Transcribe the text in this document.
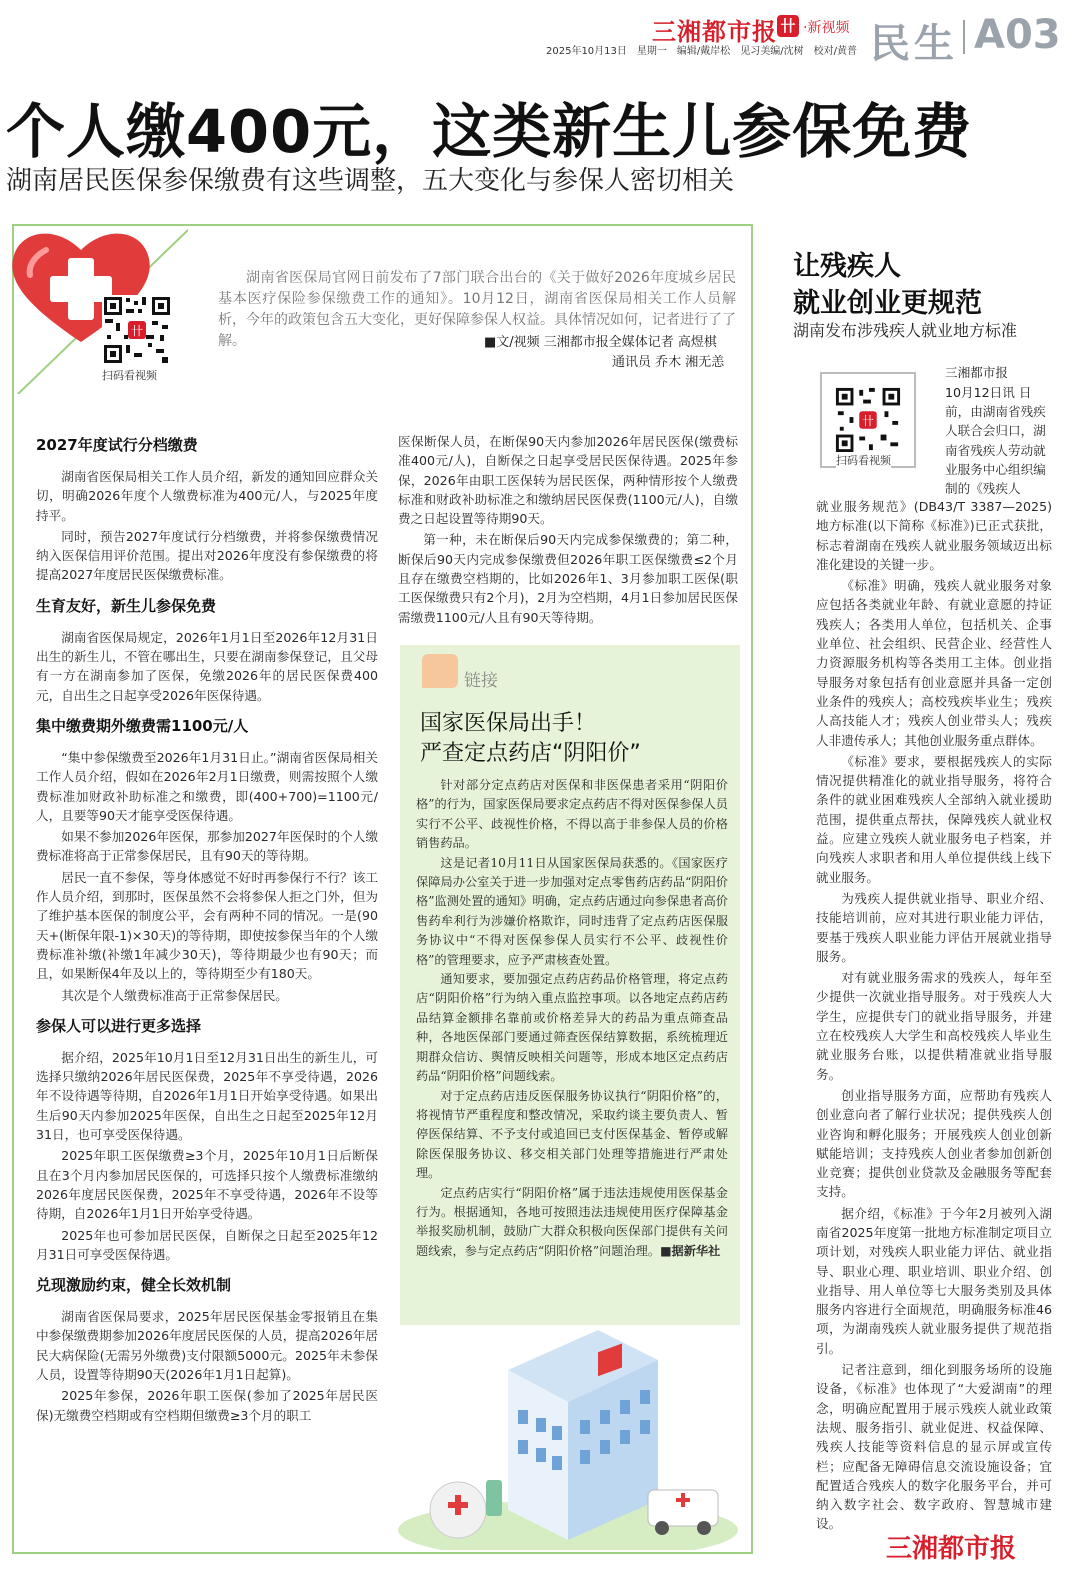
三湘都市报 卄 ·新视频
2025年10月13日　星期一　编辑/戴岸松　见习美编/沈树　校对/黄普 民生 A03
个人缴400元，这类新生儿参保免费
湖南居民医保参保缴费有这些调整，五大变化与参保人密切相关
卄
扫码看视频
湖南省医保局官网日前发布了7部门联合出台的《关于做好2026年度城乡居民基本医疗保险参保缴费工作的通知》。10月12日，湖南省医保局相关工作人员解析，今年的政策包含五大变化，更好保障参保人权益。具体情况如何，记者进行了了解。	■文/视频 三湘都市报全媒体记者 高煜棋
通讯员 乔木 湘无恙
2027年度试行分档缴费

湖南省医保局相关工作人员介绍，新发的通知回应群众关切，明确2026年度个人缴费标准为400元/人，与2025年度持平。

同时，预告2027年度试行分档缴费，并将参保缴费情况纳入医保信用评价范围。提出对2026年度没有参保缴费的将提高2027年度居民医保缴费标准。

生育友好，新生儿参保免费

湖南省医保局规定，2026年1月1日至2026年12月31日出生的新生儿，不管在哪出生，只要在湖南参保登记，且父母有一方在湖南参加了医保，免缴2026年的居民医保费400元，自出生之日起享受2026年医保待遇。

集中缴费期外缴费需1100元/人

“集中参保缴费至2026年1月31日止。”湖南省医保局相关工作人员介绍，假如在2026年2月1日缴费，则需按照个人缴费标准加财政补助标准之和缴费，即(400+700)=1100元/人，且要等90天才能享受医保待遇。

如果不参加2026年医保，那参加2027年医保时的个人缴费标准将高于正常参保居民，且有90天的等待期。

居民一直不参保，等身体感觉不好时再参保行不行？该工作人员介绍，到那时，医保虽然不会将参保人拒之门外，但为了维护基本医保的制度公平，会有两种不同的情况。一是(90天+(断保年限-1)×30天)的等待期，即使按参保当年的个人缴费标准补缴(补缴1年减少30天)，等待期最少也有90天；而且，如果断保4年及以上的，等待期至少有180天。

其次是个人缴费标准高于正常参保居民。

参保人可以进行更多选择

据介绍，2025年10月1日至12月31日出生的新生儿，可选择只缴纳2026年居民医保费，2025年不享受待遇，2026年不设待遇等待期，自2026年1月1日开始享受待遇。如果出生后90天内参加2025年医保，自出生之日起至2025年12月31日，也可享受医保待遇。

2025年职工医保缴费≥3个月，2025年10月1日后断保且在3个月内参加居民医保的，可选择只按个人缴费标准缴纳2026年度居民医保费，2025年不享受待遇，2026年不设等待期，自2026年1月1日开始享受待遇。

2025年也可参加居民医保，自断保之日起至2025年12月31日可享受医保待遇。

兑现激励约束，健全长效机制

湖南省医保局要求，2025年居民医保基金零报销且在集中参保缴费期参加2026年度居民医保的人员，提高2026年居民大病保险(无需另外缴费)支付限额5000元。2025年未参保人员，设置等待期90天(2026年1月1日起算)。

2025年参保，2026年职工医保(参加了2025年居民医保)无缴费空档期或有空档期但缴费≥3个月的职工

医保断保人员，在断保90天内参加2026年居民医保(缴费标准400元/人)，自断保之日起享受居民医保待遇。2025年参保，2026年由职工医保转为居民医保，两种情形按个人缴费标准和财政补助标准之和缴纳居民医保费(1100元/人)，自缴费之日起设置等待期90天。

第一种，未在断保后90天内完成参保缴费的；第二种，断保后90天内完成参保缴费但2026年职工医保缴费≤2个月且存在缴费空档期的，比如2026年1、3月参加职工医保(职工医保缴费只有2个月)，2月为空档期，4月1日参加居民医保需缴费1100元/人且有90天等待期。

链接
国家医保局出手！
严查定点药店“阴阳价”

针对部分定点药店对医保和非医保患者采用“阴阳价格”的行为，国家医保局要求定点药店不得对医保参保人员实行不公平、歧视性价格，不得以高于非参保人员的价格销售药品。

这是记者10月11日从国家医保局获悉的。《国家医疗保障局办公室关于进一步加强对定点零售药店药品“阴阳价格”监测处置的通知》明确，定点药店通过向参保患者高价售药牟利行为涉嫌价格欺诈，同时违背了定点药店医保服务协议中“不得对医保参保人员实行不公平、歧视性价格”的管理要求，应予严肃核查处置。

通知要求，要加强定点药店药品价格管理，将定点药店“阴阳价格”行为纳入重点监控事项。以各地定点药店药品结算金额排名靠前或价格差异大的药品为重点筛查品种，各地医保部门要通过筛查医保结算数据，系统梳理近期群众信访、舆情反映相关问题等，形成本地区定点药店药品“阴阳价格”问题线索。

对于定点药店违反医保服务协议执行“阴阳价格”的，将视情节严重程度和整改情况，采取约谈主要负责人、暂停医保结算、不予支付或追回已支付医保基金、暂停或解除医保服务协议、移交相关部门处理等措施进行严肃处理。

定点药店实行“阴阳价格”属于违法违规使用医保基金行为。根据通知，各地可按照违法违规使用医疗保障基金举报奖励机制，鼓励广大群众积极向医保部门提供有关问题线索，参与定点药店“阴阳价格”问题治理。■据新华社

让残疾人
就业创业更规范
湖南发布涉残疾人就业地方标准
三湘都市报
10月12日讯 日
卄
扫码看视频
前，由湖南省残疾人联合会归口，湖南省残疾人劳动就业服务中心组织编制的《残疾人

就业服务规范》(DB43/T 3387—2025)地方标准(以下简称《标准》)已正式获批，标志着湖南在残疾人就业服务领域迈出标准化建设的关键一步。

《标准》明确，残疾人就业服务对象应包括各类就业年龄、有就业意愿的持证残疾人；各类用人单位，包括机关、企事业单位、社会组织、民营企业、经营性人力资源服务机构等各类用工主体。创业指导服务对象包括有创业意愿并具备一定创业条件的残疾人；高校残疾毕业生；残疾人高技能人才；残疾人创业带头人；残疾人非遗传承人；其他创业服务重点群体。

《标准》要求，要根据残疾人的实际情况提供精准化的就业指导服务，将符合条件的就业困难残疾人全部纳入就业援助范围，提供重点帮扶，保障残疾人就业权益。应建立残疾人就业服务电子档案，并向残疾人求职者和用人单位提供线上线下就业服务。

为残疾人提供就业指导、职业介绍、技能培训前，应对其进行职业能力评估，要基于残疾人职业能力评估开展就业指导服务。

对有就业服务需求的残疾人，每年至少提供一次就业指导服务。对于残疾人大学生，应提供专门的就业指导服务，并建立在校残疾人大学生和高校残疾人毕业生就业服务台账，以提供精准就业指导服务。

创业指导服务方面，应帮助有残疾人创业意向者了解行业状况；提供残疾人创业咨询和孵化服务；开展残疾人创业创新赋能培训；支持残疾人创业者参加创新创业竞赛；提供创业贷款及金融服务等配套支持。

据介绍，《标准》于今年2月被列入湖南省2025年度第一批地方标准制定项目立项计划，对残疾人职业能力评估、就业指导、职业心理、职业培训、职业介绍、创业指导、用人单位等七大服务类别及具体服务内容进行全面规范，明确服务标准46项，为湖南残疾人就业服务提供了规范指引。

记者注意到，细化到服务场所的设施设备，《标准》也体现了“大爱湖南”的理念，明确应配置用于展示残疾人就业政策法规、服务指引、就业促进、权益保障、残疾人技能等资料信息的显示屏或宣传栏；应配备无障碍信息交流设施设备；宜配置适合残疾人的数字化服务平台，并可纳入数字社会、数字政府、智慧城市建设。

三湘都市报
